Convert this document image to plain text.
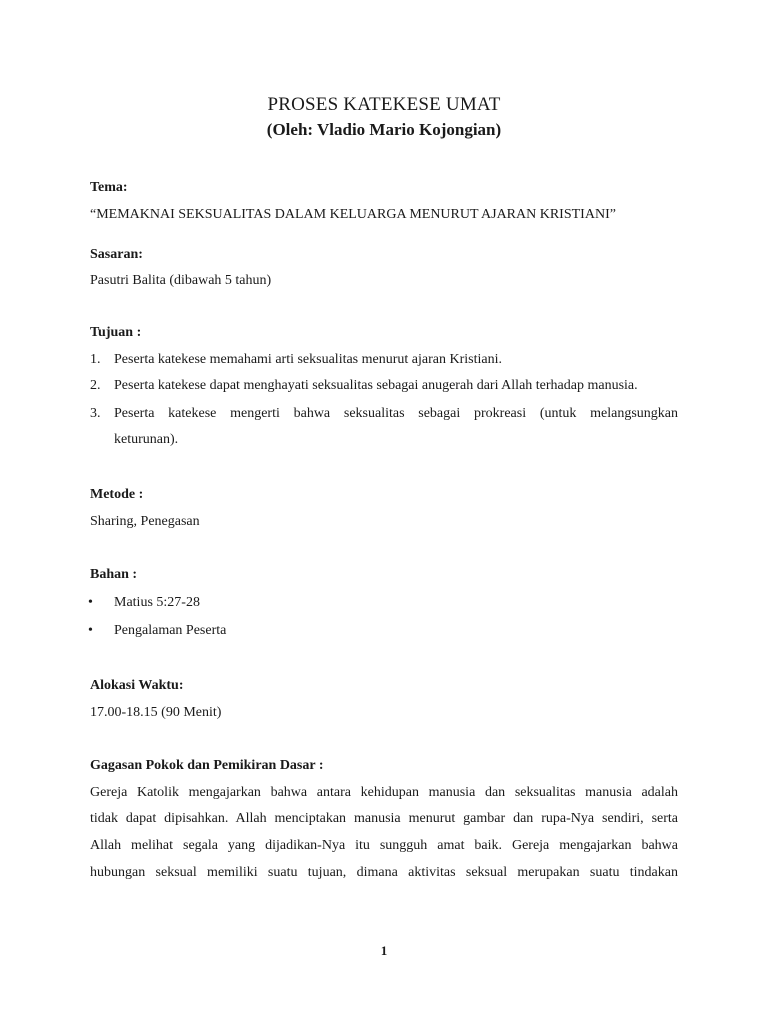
PROSES KATEKESE UMAT
(Oleh: Vladio Mario Kojongian)
Tema:
“MEMAKNAI SEKSUALITAS DALAM KELUARGA MENURUT AJARAN KRISTIANI”
Sasaran:
Pasutri Balita (dibawah 5 tahun)
Tujuan :
1. Peserta katekese memahami arti seksualitas menurut ajaran Kristiani.
2. Peserta katekese dapat menghayati seksualitas sebagai anugerah dari Allah terhadap manusia.
3. Peserta katekese mengerti bahwa seksualitas sebagai prokreasi (untuk melangsungkan
keturunan).
Metode :
Sharing, Penegasan
Bahan :
• Matius 5:27-28
• Pengalaman Peserta
Alokasi Waktu:
17.00-18.15 (90 Menit)
Gagasan Pokok dan Pemikiran Dasar :
Gereja Katolik mengajarkan bahwa antara kehidupan manusia dan seksualitas manusia adalah
tidak dapat dipisahkan. Allah menciptakan manusia menurut gambar dan rupa-Nya sendiri, serta
Allah melihat segala yang dijadikan-Nya itu sungguh amat baik. Gereja mengajarkan bahwa
hubungan seksual memiliki suatu tujuan, dimana aktivitas seksual merupakan suatu tindakan
1
